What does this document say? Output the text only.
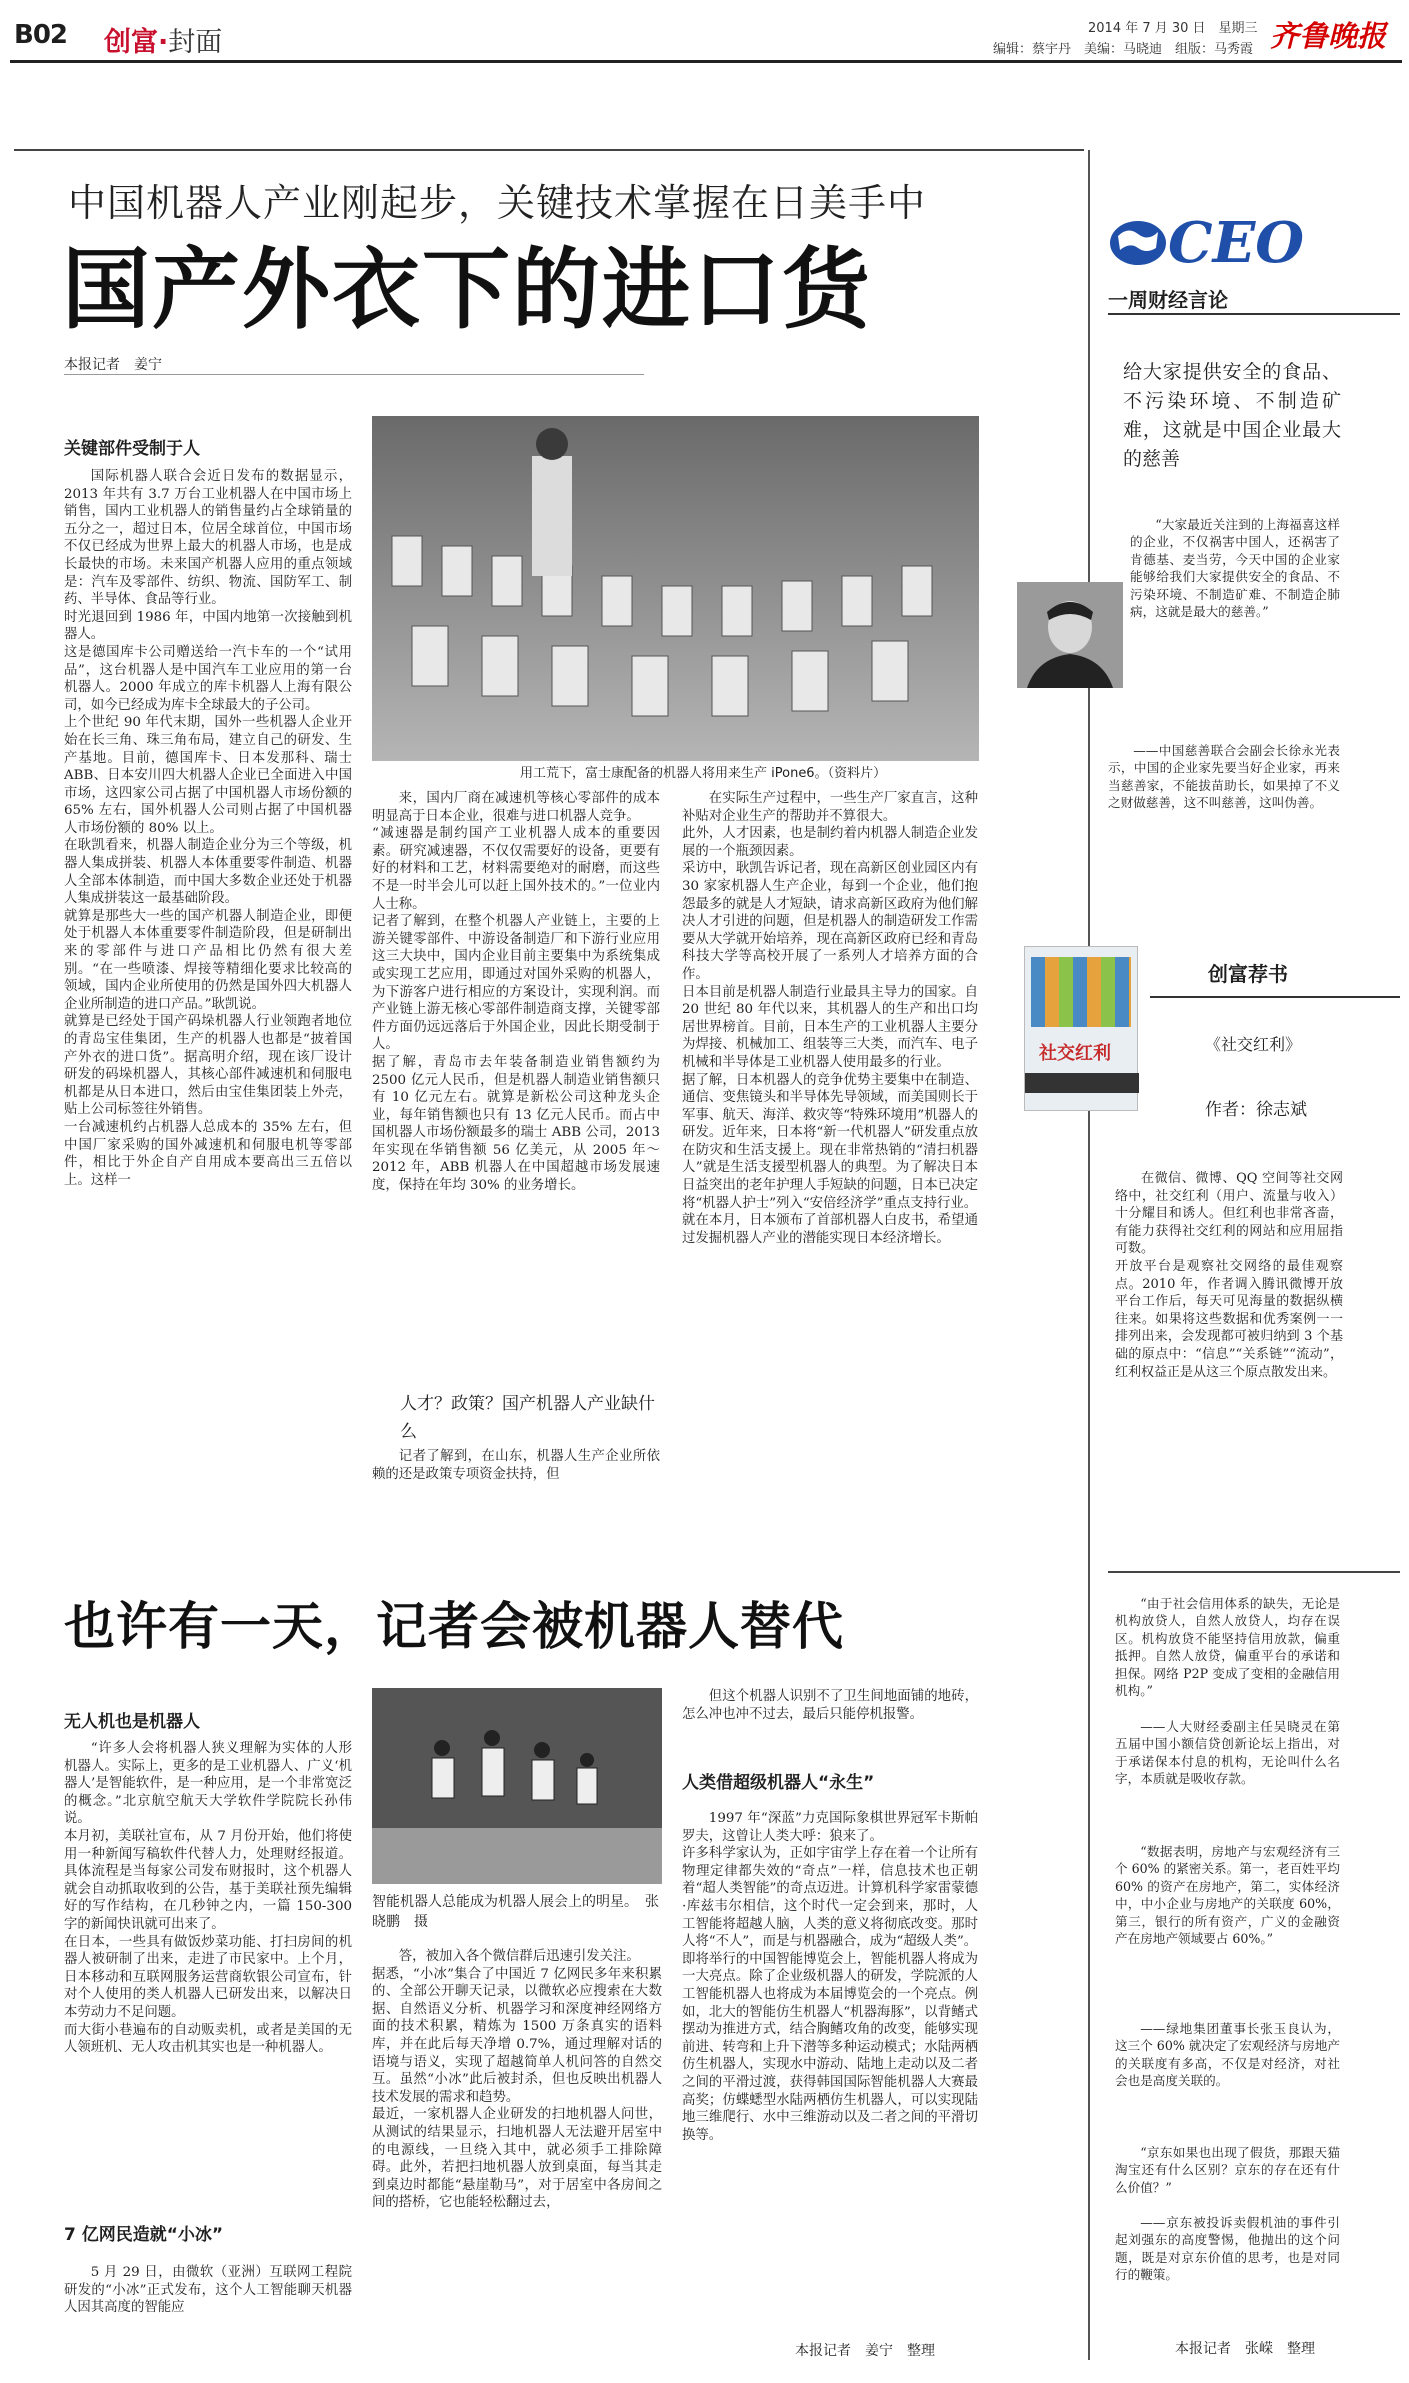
B02 创富·封面	2014 年 7 月 30 日　星期三
编辑：蔡宇丹　美编：马晓迪　组版：马秀霞 齐鲁晚报
中国机器人产业刚起步，关键技术掌握在日美手中
国产外衣下的进口货
本报记者　姜宁
关键部件受制于人
国际机器人联合会近日发布的数据显示，2013 年共有 3.7 万台工业机器人在中国市场上销售，国内工业机器人的销售量约占全球销量的五分之一，超过日本，位居全球首位，中国市场不仅已经成为世界上最大的机器人市场，也是成长最快的市场。未来国产机器人应用的重点领域是：汽车及零部件、纺织、物流、国防军工、制药、半导体、食品等行业。
时光退回到 1986 年，中国内地第一次接触到机器人。
这是德国库卡公司赠送给一汽卡车的一个“试用品”，这台机器人是中国汽车工业应用的第一台机器人。2000 年成立的库卡机器人上海有限公司，如今已经成为库卡全球最大的子公司。
上个世纪 90 年代末期，国外一些机器人企业开始在长三角、珠三角布局，建立自己的研发、生产基地。目前，德国库卡、日本发那科、瑞士 ABB、日本安川四大机器人企业已全面进入中国市场，这四家公司占据了中国机器人市场份额的 65% 左右，国外机器人公司则占据了中国机器人市场份额的 80% 以上。
在耿凯看来，机器人制造企业分为三个等级，机器人集成拼装、机器人本体重要零件制造、机器人全部本体制造，而中国大多数企业还处于机器人集成拼装这一最基础阶段。
就算是那些大一些的国产机器人制造企业，即便处于机器人本体重要零件制造阶段，但是研制出来的零部件与进口产品相比仍然有很大差别。“在一些喷漆、焊接等精细化要求比较高的领域，国内企业所使用的仍然是国外四大机器人企业所制造的进口产品。”耿凯说。
就算是已经处于国产码垛机器人行业领跑者地位的青岛宝佳集团，生产的机器人也都是“披着国产外衣的进口货”。据高明介绍，现在该厂设计研发的码垛机器人，其核心部件减速机和伺服电机都是从日本进口，然后由宝佳集团装上外壳，贴上公司标签往外销售。
一台减速机约占机器人总成本的 35% 左右，但中国厂家采购的国外减速机和伺服电机等零部件，相比于外企自产自用成本要高出三五倍以上。这样一
用工荒下，富士康配备的机器人将用来生产 iPone6。（资料片）
来，国内厂商在减速机等核心零部件的成本明显高于日本企业，很难与进口机器人竞争。
“减速器是制约国产工业机器人成本的重要因素。研究减速器，不仅仅需要好的设备，更要有好的材料和工艺，材料需要绝对的耐磨，而这些不是一时半会儿可以赶上国外技术的。”一位业内人士称。
记者了解到，在整个机器人产业链上，主要的上游关键零部件、中游设备制造厂和下游行业应用这三大块中，国内企业目前主要集中为系统集成或实现工艺应用，即通过对国外采购的机器人，为下游客户进行相应的方案设计，实现利润。而产业链上游无核心零部件制造商支撑，关键零部件方面仍远远落后于外国企业，因此长期受制于人。
据了解，青岛市去年装备制造业销售额约为 2500 亿元人民币，但是机器人制造业销售额只有 10 亿元左右。就算是新松公司这种龙头企业，每年销售额也只有 13 亿元人民币。而占中国机器人市场份额最多的瑞士 ABB 公司，2013 年实现在华销售额 56 亿美元，从 2005 年～2012 年，ABB 机器人在中国超越市场发展速度，保持在年均 30% 的业务增长。
人才？政策？国产机器人产业缺什么
记者了解到，在山东，机器人生产企业所依赖的还是政策专项资金扶持，但
在实际生产过程中，一些生产厂家直言，这种补贴对企业生产的帮助并不算很大。
此外，人才因素，也是制约着内机器人制造企业发展的一个瓶颈因素。
采访中，耿凯告诉记者，现在高新区创业园区内有 30 家家机器人生产企业，每到一个企业，他们抱怨最多的就是人才短缺，请求高新区政府为他们解决人才引进的问题，但是机器人的制造研发工作需要从大学就开始培养，现在高新区政府已经和青岛科技大学等高校开展了一系列人才培养方面的合作。
日本目前是机器人制造行业最具主导力的国家。自 20 世纪 80 年代以来，其机器人的生产和出口均居世界榜首。目前，日本生产的工业机器人主要分为焊接、机械加工、组装等三大类，而汽车、电子机械和半导体是工业机器人使用最多的行业。
据了解，日本机器人的竞争优势主要集中在制造、通信、变焦镜头和半导体先导领域，而美国则长于军事、航天、海洋、救灾等“特殊环境用”机器人的研发。近年来，日本将“新一代机器人”研发重点放在防灾和生活支援上。现在非常热销的“清扫机器人”就是生活支援型机器人的典型。为了解决日本日益突出的老年护理人手短缺的问题，日本已决定将“机器人护士”列入“安倍经济学”重点支持行业。
就在本月，日本颁布了首部机器人白皮书，希望通过发掘机器人产业的潜能实现日本经济增长。
也许有一天，记者会被机器人替代
无人机也是机器人
“许多人会将机器人狭义理解为实体的人形机器人。实际上，更多的是工业机器人、广义‘机器人’是智能软件，是一种应用，是一个非常宽泛的概念。”北京航空航天大学软件学院院长孙伟说。
本月初，美联社宣布，从 7 月份开始，他们将使用一种新闻写稿软件代替人力，处理财经报道。具体流程是当每家公司发布财报时，这个机器人就会自动抓取收到的公告，基于美联社预先编辑好的写作结构，在几秒钟之内，一篇 150-300 字的新闻快讯就可出来了。
在日本，一些具有做饭炒菜功能、打扫房间的机器人被研制了出来，走进了市民家中。上个月，日本移动和互联网服务运营商软银公司宣布，针对个人使用的类人机器人已研发出来，以解决日本劳动力不足问题。
而大街小巷遍布的自动贩卖机，或者是美国的无人领班机、无人攻击机其实也是一种机器人。
7 亿网民造就“小冰”
5 月 29 日，由微软（亚洲）互联网工程院研发的“小冰”正式发布，这个人工智能聊天机器人因其高度的智能应
智能机器人总能成为机器人展会上的明星。　张晓鹏　摄
答，被加入各个微信群后迅速引发关注。
据悉，“小冰”集合了中国近 7 亿网民多年来积累的、全部公开聊天记录，以微软必应搜索在大数据、自然语义分析、机器学习和深度神经网络方面的技术积累，精炼为 1500 万条真实的语料库，并在此后每天净增 0.7%，通过理解对话的语境与语义，实现了超越简单人机问答的自然交互。虽然“小冰”此后被封杀，但也反映出机器人技术发展的需求和趋势。
最近，一家机器人企业研发的扫地机器人问世，从测试的结果显示，扫地机器人无法避开居室中的电源线，一旦绕入其中，就必须手工排除障碍。此外，若把扫地机器人放到桌面，每当其走到桌边时都能“悬崖勒马”，对于居室中各房间之间的搭桥，它也能轻松翻过去，
但这个机器人识别不了卫生间地面铺的地砖，怎么冲也冲不过去，最后只能停机报警。
人类借超级机器人“永生”
1997 年“深蓝”力克国际象棋世界冠军卡斯帕罗夫，这曾让人类大呼：狼来了。
许多科学家认为，正如宇宙学上存在着一个让所有物理定律都失效的“奇点”一样，信息技术也正朝着“超人类智能”的奇点迈进。计算机科学家雷蒙德·库兹韦尔相信，这个时代一定会到来，那时，人工智能将超越人脑，人类的意义将彻底改变。那时人将“不人”，而是与机器融合，成为“超级人类”。
即将举行的中国智能博览会上，智能机器人将成为一大亮点。除了企业级机器人的研发，学院派的人工智能机器人也将成为本届博览会的一个亮点。例如，北大的智能仿生机器人“机器海豚”，以背鳍式摆动为推进方式，结合胸鳍攻角的改变，能够实现前进、转弯和上升下潜等多种运动模式；水陆两栖仿生机器人，实现水中游动、陆地上走动以及二者之间的平滑过渡，获得韩国国际智能机器人大赛最高奖；仿蝶蟋型水陆两栖仿生机器人，可以实现陆地三维爬行、水中三维游动以及二者之间的平滑切换等。
本报记者　姜宁　整理
CEO
一周财经言论
给大家提供安全的食品、不污染环境、不制造矿难，这就是中国企业最大的慈善
“大家最近关注到的上海福喜这样的企业，不仅祸害中国人，还祸害了肯德基、麦当劳，今天中国的企业家能够给我们大家提供安全的食品、不污染环境、不制造矿难、不制造企肺病，这就是最大的慈善。”
——中国慈善联合会副会长徐永光表示，中国的企业家先要当好企业家，再来当慈善家，不能拔苗助长，如果掉了不义之财做慈善，这不叫慈善，这叫伪善。
社交红利
创富荐书
《社交红利》
作者：徐志斌
在微信、微博、QQ 空间等社交网络中，社交红利（用户、流量与收入）十分耀目和诱人。但红利也非常吝啬，有能力获得社交红利的网站和应用屈指可数。
开放平台是观察社交网络的最佳观察点。2010 年，作者调入腾讯微博开放平台工作后，每天可见海量的数据纵横往来。如果将这些数据和优秀案例一一排列出来，会发现都可被归纳到 3 个基础的原点中：“信息”“关系链”“流动”，红利权益正是从这三个原点散发出来。
“由于社会信用体系的缺失，无论是机构放贷人，自然人放贷人，均存在误区。机构放贷不能坚持信用放款，偏重抵押。自然人放贷，偏重平台的承诺和担保。网络 P2P 变成了变相的金融信用机构。”
——人大财经委副主任吴晓灵在第五届中国小额信贷创新论坛上指出，对于承诺保本付息的机构，无论叫什么名字，本质就是吸收存款。
“数据表明，房地产与宏观经济有三个 60% 的紧密关系。第一，老百姓平均 60% 的资产在房地产，第二，实体经济中，中小企业与房地产的关联度 60%，第三，银行的所有资产，广义的金融资产在房地产领域要占 60%。”
——绿地集团董事长张玉良认为，这三个 60% 就决定了宏观经济与房地产的关联度有多高，不仅是对经济，对社会也是高度关联的。
“京东如果也出现了假货，那跟天猫淘宝还有什么区别？京东的存在还有什么价值？”
——京东被投诉卖假机油的事件引起刘强东的高度警惕，他抛出的这个问题，既是对京东价值的思考，也是对同行的鞭策。
本报记者　张嵘　整理
